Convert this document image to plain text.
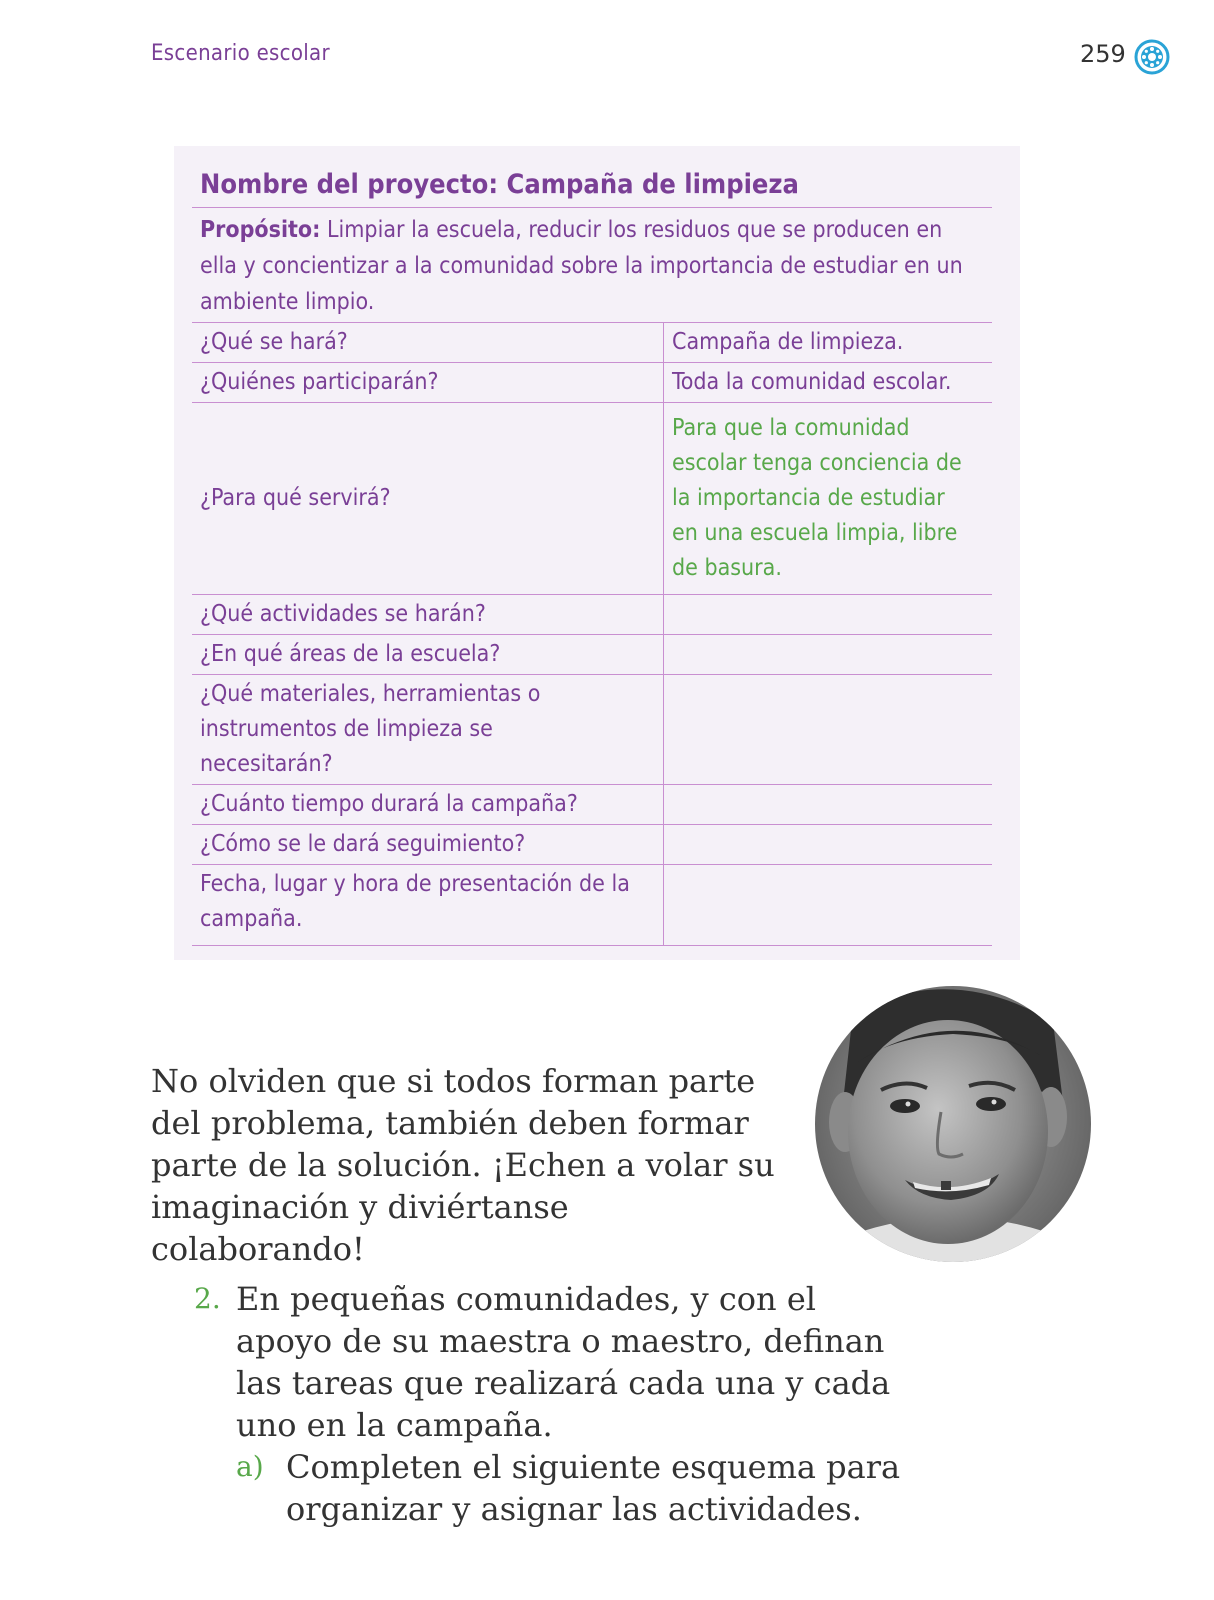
Escenario escolar	259
Nombre del proyecto: Campaña de limpieza
Propósito: Limpiar la escuela, reducir los residuos que se producen en ella y concientizar a la comunidad sobre la importancia de estudiar en un ambiente limpio.
¿Qué se hará?	Campaña de limpieza.
¿Quiénes participarán?	Toda la comunidad escolar.
¿Para qué servirá?	Para que la comunidad escolar tenga conciencia de la importancia de estudiar en una escuela limpia, libre de basura.
¿Qué actividades se harán?	
¿En qué áreas de la escuela?	
¿Qué materiales, herramientas o instrumentos de limpieza se necesitarán?	
¿Cuánto tiempo durará la campaña?	
¿Cómo se le dará seguimiento?	
Fecha, lugar y hora de presentación de la campaña.	
No olviden que si todos forman parte del problema, también deben formar parte de la solución. ¡Echen a volar su imaginación y diviértanse colaborando!
2. En pequeñas comunidades, y con el apoyo de su maestra o maestro, definan las tareas que realizará cada una y cada uno en la campaña.
a) Completen el siguiente esquema para organizar y asignar las actividades.
